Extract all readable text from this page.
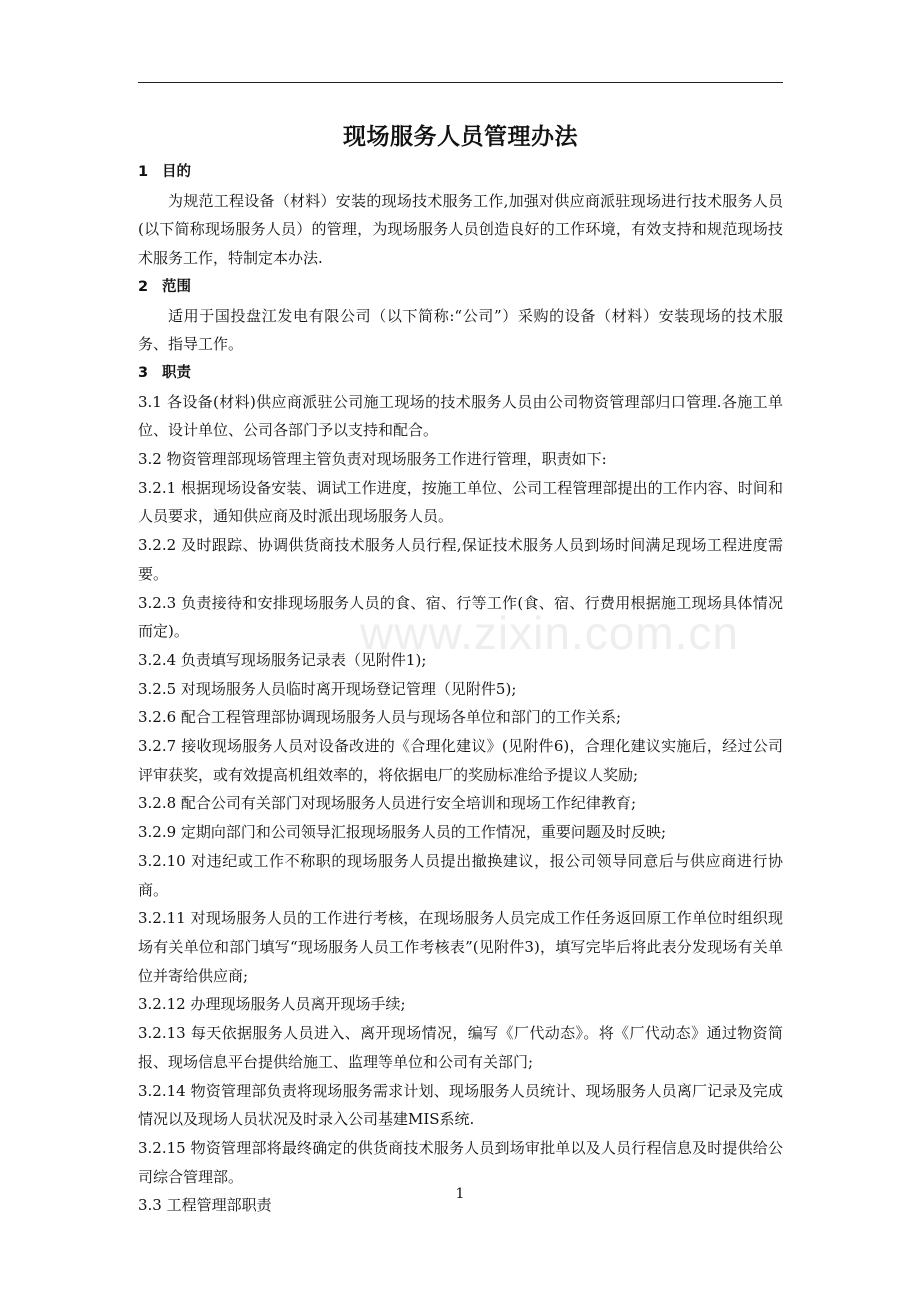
现场服务人员管理办法

1 目的

为规范工程设备（材料）安装的现场技术服务工作,加强对供应商派驻现场进行技术服务人员(以下简称现场服务人员）的管理，为现场服务人员创造良好的工作环境，有效支持和规范现场技术服务工作，特制定本办法.

2 范围

适用于国投盘江发电有限公司（以下简称:“公司”）采购的设备（材料）安装现场的技术服务、指导工作。

3 职责

3.1 各设备(材料)供应商派驻公司施工现场的技术服务人员由公司物资管理部归口管理.各施工单位、设计单位、公司各部门予以支持和配合。

3.2 物资管理部现场管理主管负责对现场服务工作进行管理，职责如下:

3.2.1 根据现场设备安装、调试工作进度，按施工单位、公司工程管理部提出的工作内容、时间和人员要求，通知供应商及时派出现场服务人员。

3.2.2 及时跟踪、协调供货商技术服务人员行程,保证技术服务人员到场时间满足现场工程进度需要。

3.2.3 负责接待和安排现场服务人员的食、宿、行等工作(食、宿、行费用根据施工现场具体情况而定)。

3.2.4 负责填写现场服务记录表（见附件1);

3.2.5 对现场服务人员临时离开现场登记管理（见附件5);

3.2.6 配合工程管理部协调现场服务人员与现场各单位和部门的工作关系;

3.2.7 接收现场服务人员对设备改进的《合理化建议》(见附件6)，合理化建议实施后，经过公司评审获奖，或有效提高机组效率的，将依据电厂的奖励标准给予提议人奖励;

3.2.8 配合公司有关部门对现场服务人员进行安全培训和现场工作纪律教育;

3.2.9 定期向部门和公司领导汇报现场服务人员的工作情况，重要问题及时反映;

3.2.10 对违纪或工作不称职的现场服务人员提出撤换建议，报公司领导同意后与供应商进行协商。

3.2.11 对现场服务人员的工作进行考核，在现场服务人员完成工作任务返回原工作单位时组织现场有关单位和部门填写“现场服务人员工作考核表”(见附件3)，填写完毕后将此表分发现场有关单位并寄给供应商;

3.2.12 办理现场服务人员离开现场手续;

3.2.13 每天依据服务人员进入、离开现场情况，编写《厂代动态》。将《厂代动态》通过物资简报、现场信息平台提供给施工、监理等单位和公司有关部门;

3.2.14 物资管理部负责将现场服务需求计划、现场服务人员统计、现场服务人员离厂记录及完成情况以及现场人员状况及时录入公司基建MIS系统.

3.2.15 物资管理部将最终确定的供货商技术服务人员到场审批单以及人员行程信息及时提供给公司综合管理部。

3.3 工程管理部职责

www.zixin.com.cn
1
